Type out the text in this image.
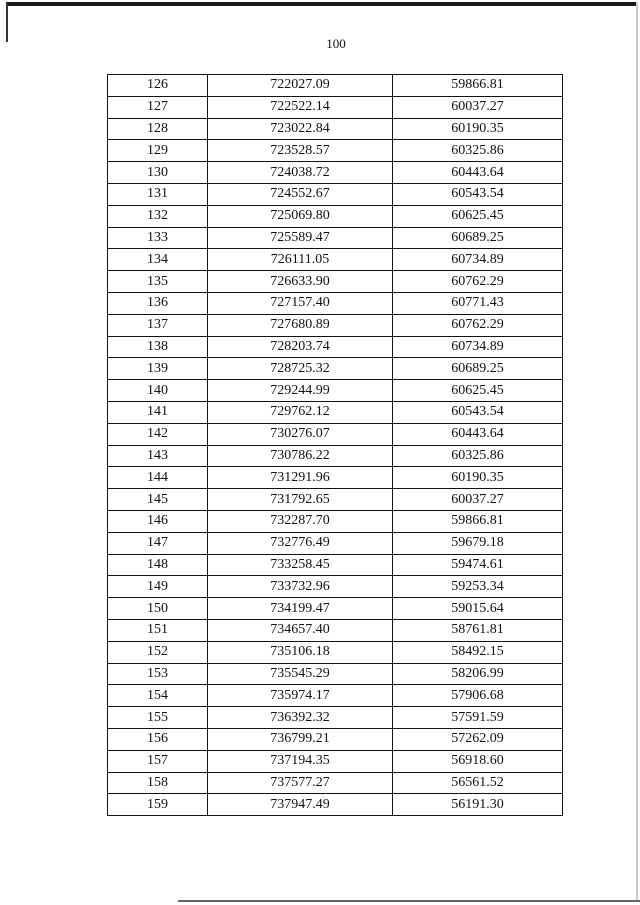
100
126	722027.09	59866.81
127	722522.14	60037.27
128	723022.84	60190.35
129	723528.57	60325.86
130	724038.72	60443.64
131	724552.67	60543.54
132	725069.80	60625.45
133	725589.47	60689.25
134	726111.05	60734.89
135	726633.90	60762.29
136	727157.40	60771.43
137	727680.89	60762.29
138	728203.74	60734.89
139	728725.32	60689.25
140	729244.99	60625.45
141	729762.12	60543.54
142	730276.07	60443.64
143	730786.22	60325.86
144	731291.96	60190.35
145	731792.65	60037.27
146	732287.70	59866.81
147	732776.49	59679.18
148	733258.45	59474.61
149	733732.96	59253.34
150	734199.47	59015.64
151	734657.40	58761.81
152	735106.18	58492.15
153	735545.29	58206.99
154	735974.17	57906.68
155	736392.32	57591.59
156	736799.21	57262.09
157	737194.35	56918.60
158	737577.27	56561.52
159	737947.49	56191.30
